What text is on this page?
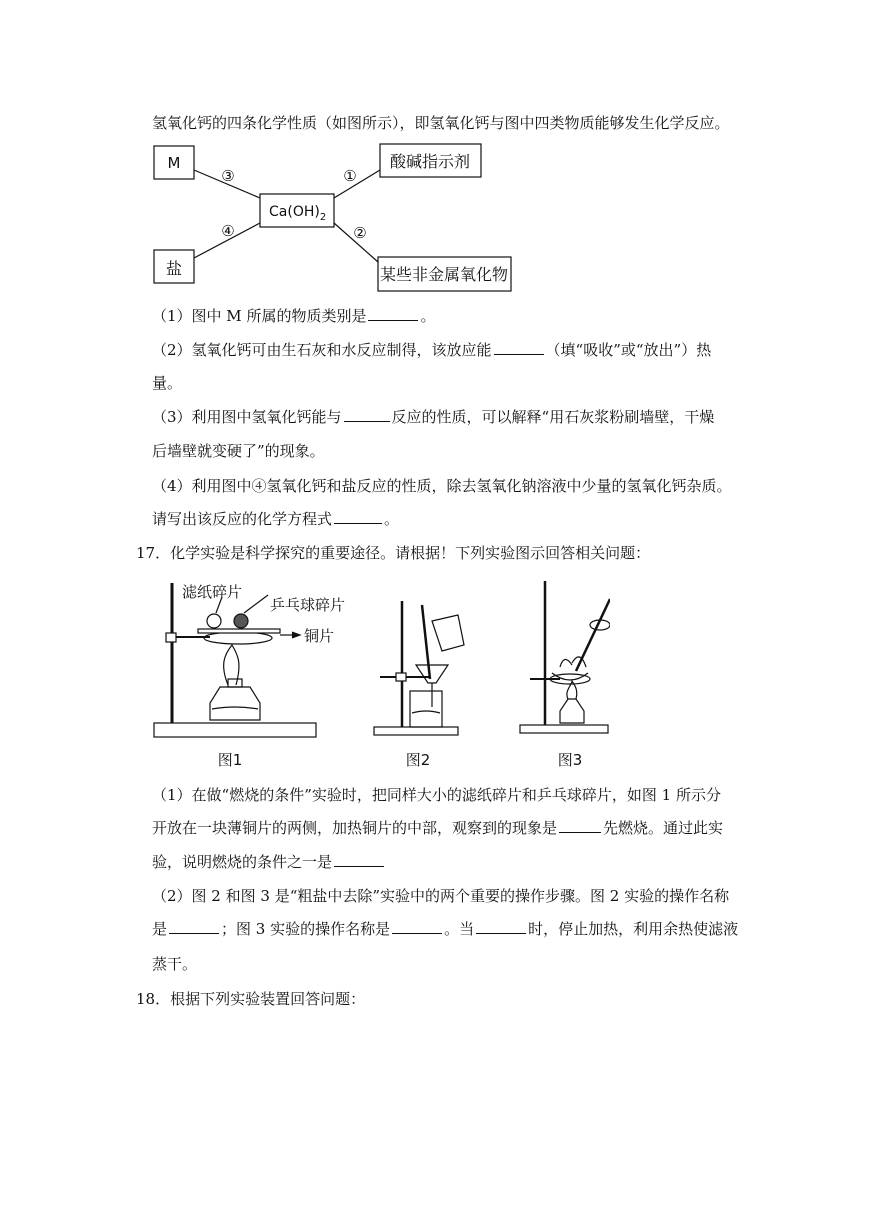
氢氧化钙的四条化学性质（如图所示），即氢氧化钙与图中四类物质能够发生化学反应。
M	酸碱指示剂
盐	某些非金属氧化物
$Ca(OH)_2$
③	①
④	②
（1）图中 M 所属的物质类别是	。
（2）氢氧化钙可由生石灰和水反应制得，该放应能	（填“吸收”或“放出”）热
量。
（3）利用图中氢氧化钙能与	反应的性质，可以解释“用石灰浆粉刷墙壁，干燥
后墙壁就变硬了”的现象。
（4）利用图中④氢氧化钙和盐反应的性质，除去氢氧化钠溶液中少量的氢氧化钙杂质。
请写出该反应的化学方程式	。
17．化学实验是科学探究的重要途径。请根据！下列实验图示回答相关问题：
滤纸碎片
乒乓球碎片
铜片
图1	图2	图3
（1）在做“燃烧的条件”实验时，把同样大小的滤纸碎片和乒乓球碎片，如图 1 所示分
开放在一块薄铜片的两侧，加热铜片的中部，观察到的现象是	先燃烧。通过此实
验，说明燃烧的条件之一是
（2）图 2 和图 3 是“粗盐中去除”实验中的两个重要的操作步骤。图 2 实验的操作名称
是	；图 3 实验的操作名称是	。当	时，停止加热，利用余热使滤液
蒸干。
18．根据下列实验装置回答问题：
